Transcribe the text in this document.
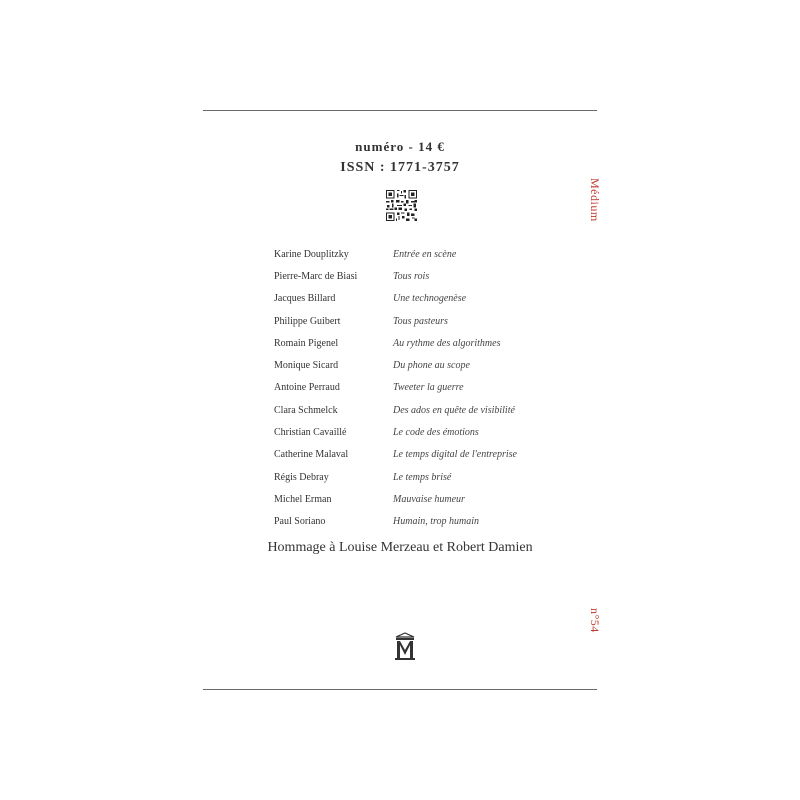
numéro - 14 €
ISSN : 1771-3757
Médium
Karine Douplitzky	Entrée en scène
Pierre-Marc de Biasi	Tous rois
Jacques Billard	Une technogenèse
Philippe Guibert	Tous pasteurs
Romain Pigenel	Au rythme des algorithmes
Monique Sicard	Du phone au scope
Antoine Perraud	Tweeter la guerre
Clara Schmelck	Des ados en quête de visibilité
Christian Cavaillé	Le code des émotions
Catherine Malaval	Le temps digital de l'entreprise
Régis Debray	Le temps brisé
Michel Erman	Mauvaise humeur
Paul Soriano	Humain, trop humain
Hommage à Louise Merzeau et Robert Damien
n°54
